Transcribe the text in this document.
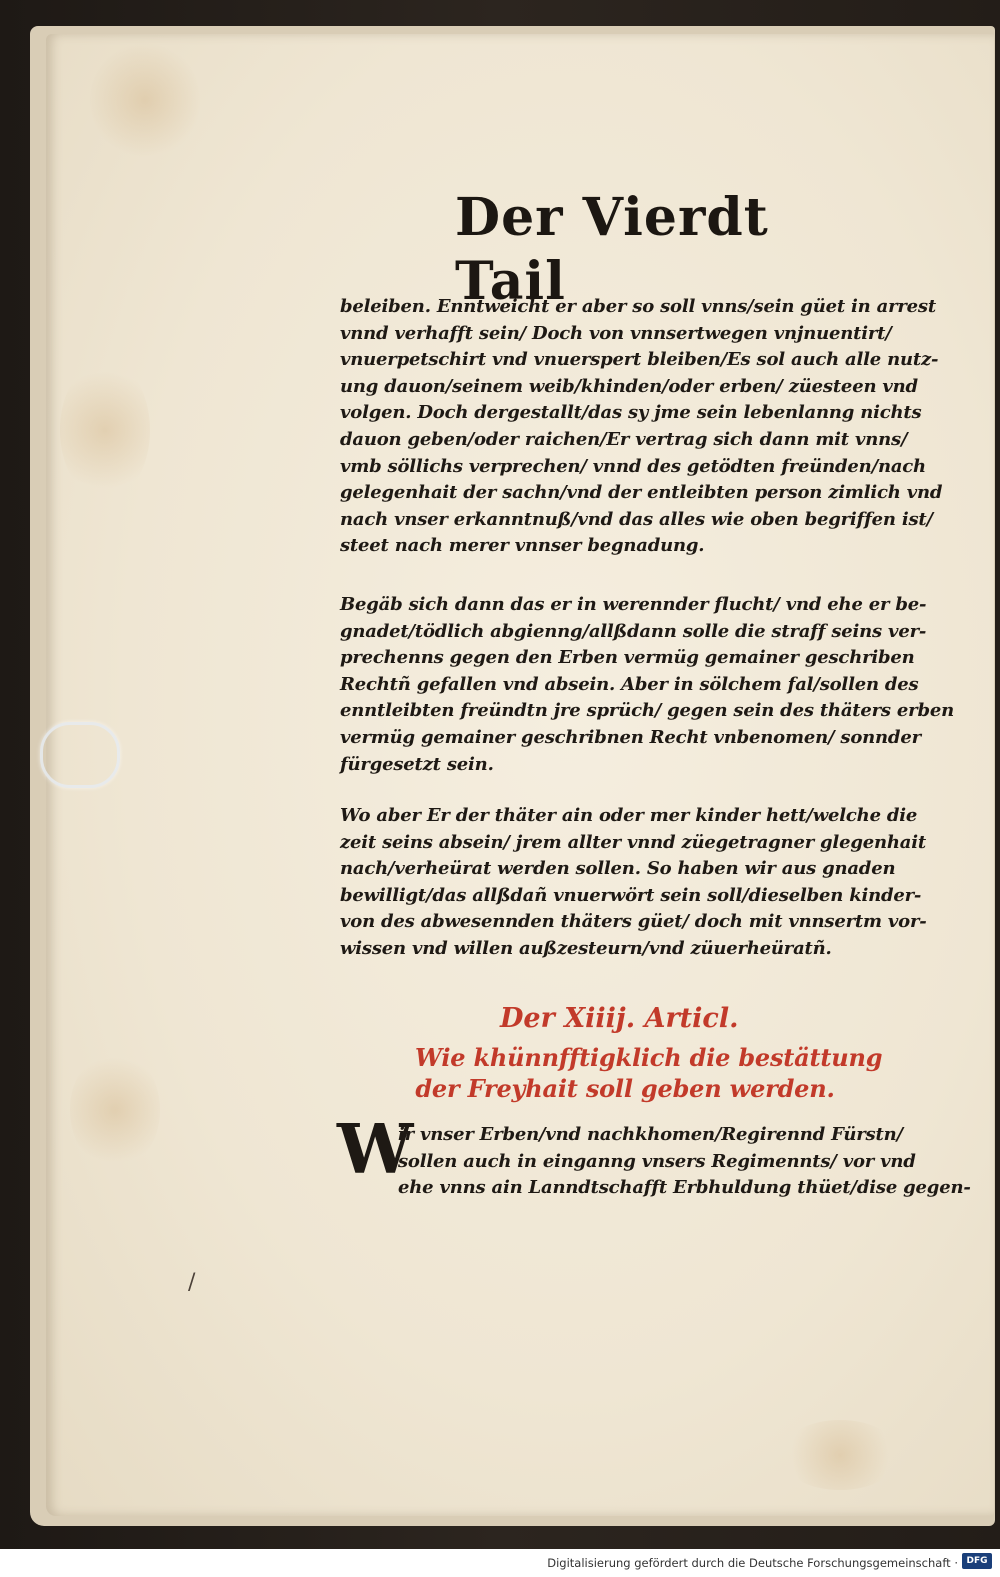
Der Vierdt Tail
beleiben. Enntweicht er aber so soll vnns/sein güet in arrest
vnnd verhafft sein/ Doch von vnnsertwegen vnjnuentirt/
vnuerpetschirt vnd vnuerspert bleiben/Es sol auch alle nutz-
ung dauon/seinem weib/khinden/oder erben/ züesteen vnd
volgen. Doch dergestallt/das sy jme sein lebenlanng nichts
dauon geben/oder raichen/Er vertrag sich dann mit vnns/
vmb söllichs verprechen/ vnnd des getödten freünden/nach
gelegenhait der sachn/vnd der entleibten person zimlich vnd
nach vnser erkanntnuß/vnd das alles wie oben begriffen ist/
steet nach merer vnnser begnadung.
Begäb sich dann das er in werennder flucht/ vnd ehe er be-
gnadet/tödlich abgienng/allßdann solle die straff seins ver-
prechenns gegen den Erben vermüg gemainer geschriben
Rechtñ gefallen vnd absein. Aber in sölchem fal/sollen des
enntleibten freündtn jre sprüch/ gegen sein des thäters erben
vermüg gemainer geschribnen Recht vnbenomen/ sonnder
fürgesetzt sein.
Wo aber Er der thäter ain oder mer kinder hett/welche die
zeit seins absein/ jrem allter vnnd züegetragner glegenhait
nach/verheürat werden sollen. So haben wir aus gnaden
bewilligt/das allßdañ vnuerwört sein soll/dieselben kinder-
von des abwesennden thäters güet/ doch mit vnnsertm vor-
wissen vnd willen außzesteurn/vnd züuerheüratñ.
Der Xiiij. Articl.
Wie khünnfftigklich die bestättung
der Freyhait soll geben werden.
W
ir vnser Erben/vnd nachkhomen/Regirennd Fürstn/
sollen auch in einganng vnsers Regimennts/ vor vnd
ehe vnns ain Lanndtschafft Erbhuldung thüet/dise gegen-
/
Digitalisierung gefördert durch die Deutsche Forschungsgemeinschaft · DFG
